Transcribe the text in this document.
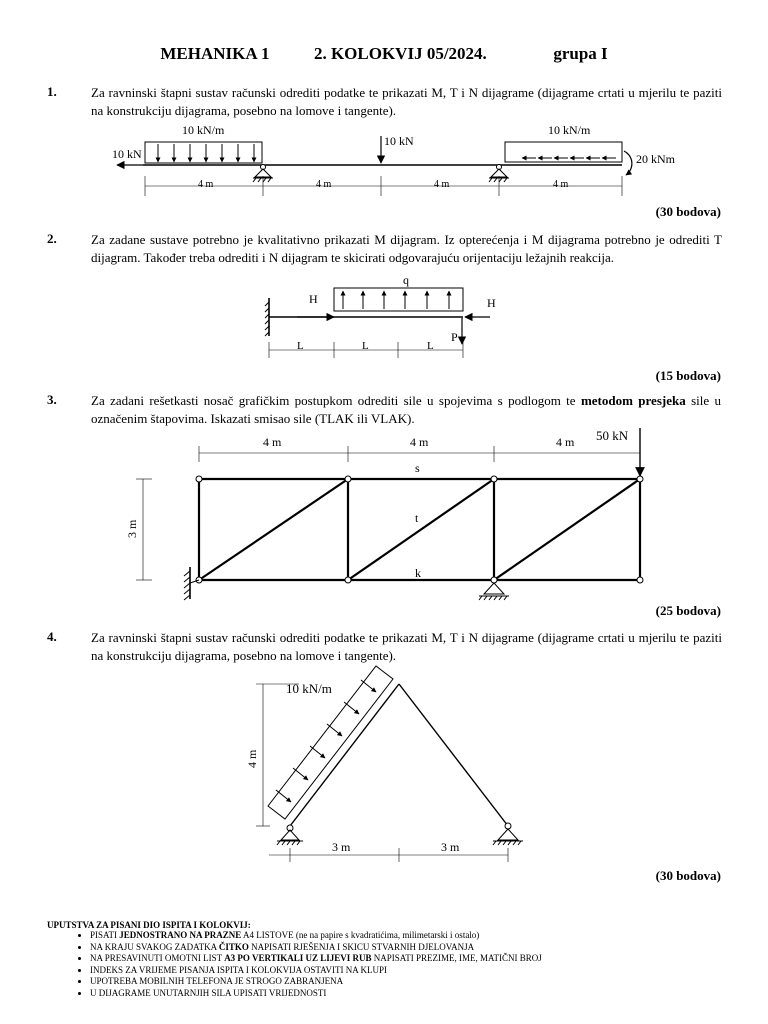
MEHANIKA 1	2. KOLOKVIJ 05/2024.	grupa I
1.	Za ravninski štapni sustav računski odrediti podatke te prikazati M, T i N dijagrame (dijagrame crtati u mjerilu te paziti na konstrukciju dijagrama, posebno na lomove i tangente).
10 kN/m
10 kN
10 kN
10 kN/m
20 kNm
4 m	4 m	4 m	4 m
(30 bodova)
2.	Za zadane sustave potrebno je kvalitativno prikazati M dijagram. Iz opterećenja i M dijagrama potrebno je odrediti T dijagram. Također treba odrediti i N dijagram te skicirati odgovarajuću orijentaciju ležajnih reakcija.
q
H	H
P
L	L	L
(15 bodova)
3.	Za zadani rešetkasti nosač grafičkim postupkom odrediti sile u spojevima s podlogom te metodom presjeka sile u označenim štapovima. Iskazati smisao sile (TLAK ili VLAK).
4 m	4 m	4 m
3 m
s
t
k
50 kN
(25 bodova)
4.	Za ravninski štapni sustav računski odrediti podatke te prikazati M, T i N dijagrame (dijagrame crtati u mjerilu te paziti na konstrukciju dijagrama, posebno na lomove i tangente).
10 kN/m
4 m
3 m	3 m
(30 bodova)
UPUTSTVA ZA PISANI DIO ISPITA I KOLOKVIJ:
• PISATI JEDNOSTRANO NA PRAZNE A4 LISTOVE (ne na papire s kvadratićima, milimetarski i ostalo)
• NA KRAJU SVAKOG ZADATKA ČITKO NAPISATI RJEŠENJA I SKICU STVARNIH DJELOVANJA
• NA PRESAVINUTI OMOTNI LIST A3 PO VERTIKALI UZ LIJEVI RUB NAPISATI PREZIME, IME, MATIČNI BROJ
• INDEKS ZA VRIJEME PISANJA ISPITA I KOLOKVIJA OSTAVITI NA KLUPI
• UPOTREBA MOBILNIH TELEFONA JE STROGO ZABRANJENA
• U DIJAGRAME UNUTARNJIH SILA UPISATI VRIJEDNOSTI
